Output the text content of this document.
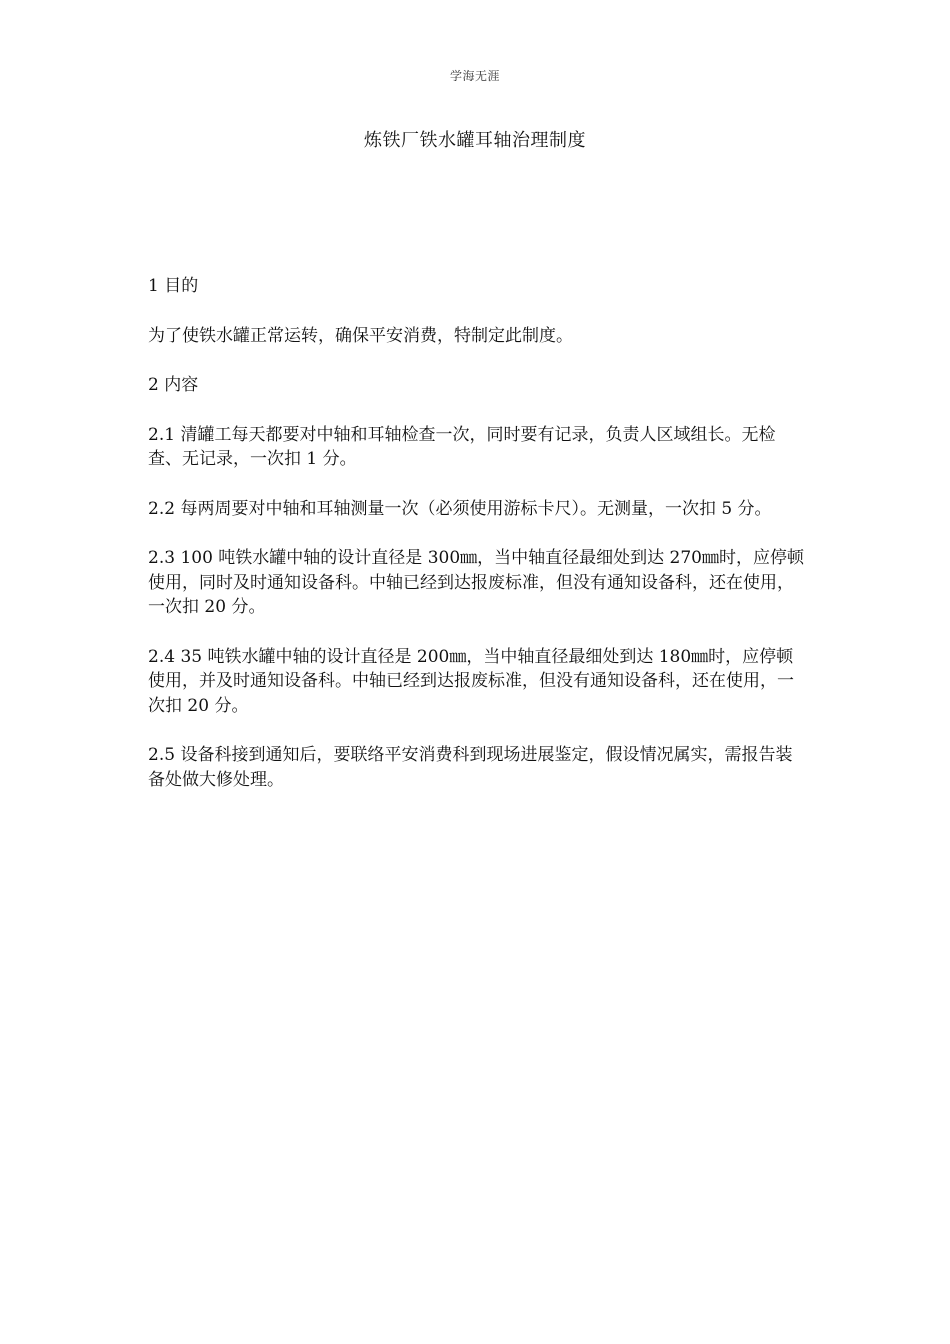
学海无涯
炼铁厂铁水罐耳轴治理制度

1 目的

为了使铁水罐正常运转，确保平安消费，特制定此制度。

2 内容

2.1 清罐工每天都要对中轴和耳轴检查一次，同时要有记录，负责人区域组长。无检查、无记录，一次扣 1 分。

2.2 每两周要对中轴和耳轴测量一次（必须使用游标卡尺）。无测量，一次扣 5 分。

2.3 100 吨铁水罐中轴的设计直径是 300㎜，当中轴直径最细处到达 270㎜时，应停顿使用，同时及时通知设备科。中轴已经到达报废标准，但没有通知设备科，还在使用，一次扣 20 分。

2.4 35 吨铁水罐中轴的设计直径是 200㎜，当中轴直径最细处到达 180㎜时，应停顿使用，并及时通知设备科。中轴已经到达报废标准，但没有通知设备科，还在使用，一次扣 20 分。

2.5 设备科接到通知后，要联络平安消费科到现场进展鉴定，假设情况属实，需报告装备处做大修处理。
